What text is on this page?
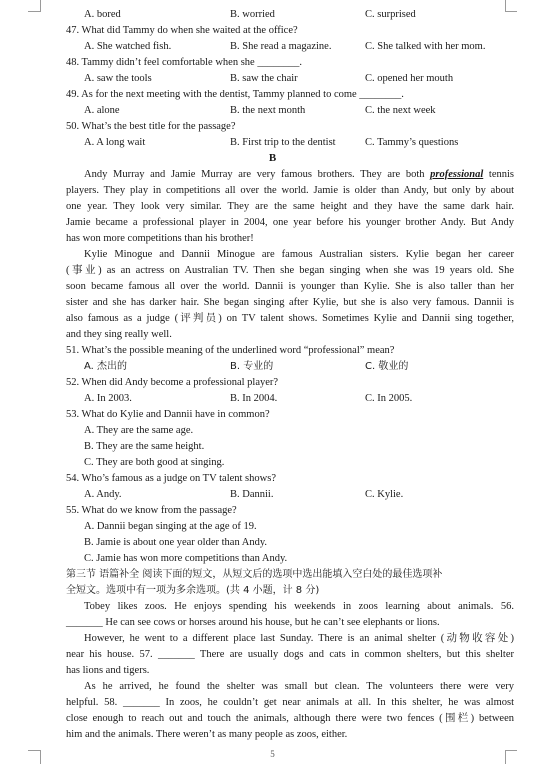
A. bored	B. worried	C. surprised
47. What did Tammy do when she waited at the office?
A. She watched fish.	B. She read a magazine.	C. She talked with her mom.
48. Tammy didn’t feel comfortable when she ________.
A. saw the tools	B. saw the chair	C. opened her mouth
49. As for the next meeting with the dentist, Tammy planned to come ________.
A. alone	B. the next month	C. the next week
50. What’s the best title for the passage?
A. A long wait	B. First trip to the dentist	C. Tammy’s questions
B
Andy Murray and Jamie Murray are very famous brothers. They are both professional tennis
players. They play in competitions all over the world. Jamie is older than Andy, but only by about
one year. They look very similar. They are the same height and they have the same dark hair.
Jamie became a professional player in 2004, one year before his younger brother Andy. But Andy
has won more competitions than his brother!
Kylie Minogue and Dannii Minogue are famous Australian sisters. Kylie began her career
(事业) as an actress on Australian TV. Then she began singing when she was 19 years old. She
soon became famous all over the world. Dannii is younger than Kylie. She is also taller than her
sister and she has darker hair. She began singing after Kylie, but she is also very famous. Dannii is
also famous as a judge (评判员) on TV talent shows. Sometimes Kylie and Dannii sing together,
and they sing really well.
51. What’s the possible meaning of the underlined word “professional” mean?
A. 杰出的	B. 专业的	C. 敬业的
52. When did Andy become a professional player?
A. In 2003.	B. In 2004.	C. In 2005.
53. What do Kylie and Dannii have in common?
A. They are the same age.
B. They are the same height.
C. They are both good at singing.
54. Who’s famous as a judge on TV talent shows?
A. Andy.	B. Dannii.	C. Kylie.
55. What do we know from the passage?
A. Dannii began singing at the age of 19.
B. Jamie is about one year older than Andy.
C. Jamie has won more competitions than Andy.
第三节 语篇补全 阅读下面的短文，从短文后的选项中选出能填入空白处的最佳选项补
全短文。选项中有一项为多余选项。(共 4 小题，计 8 分)
Tobey likes zoos. He enjoys spending his weekends in zoos learning about animals. 56.
_______ He can see cows or horses around his house, but he can’t see elephants or lions.
However, he went to a different place last Sunday. There is an animal shelter (动物收容处)
near his house. 57. _______ There are usually dogs and cats in common shelters, but this shelter
has lions and tigers.
As he arrived, he found the shelter was small but clean. The volunteers there were very
helpful. 58. _______ In zoos, he couldn’t get near animals at all. In this shelter, he was almost
close enough to reach out and touch the animals, although there were two fences (围栏) between
him and the animals. There weren’t as many people as zoos, either.
5
